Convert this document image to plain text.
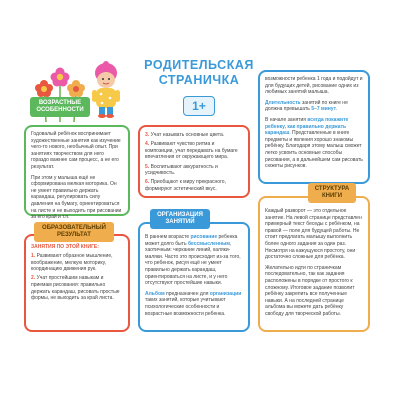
РОДИТЕЛЬСКАЯ
СТРАНИЧКА
1+
ВОЗРАСТНЫЕ ОСОБЕННОСТИ

Годовалый ребёнок воспринимает художественные занятия как изучение чего-то нового, необычный опыт. При занятиях творчеством для него гораздо важнее сам процесс, а не его результат.

При этом у малыша ещё не сформирована мелкая моторика. Он не умеет правильно держать карандаш, регулировать силу давления на бумагу, ориентироваться на листе и не выходить при рисовании за его край и т.п.

ЗАНЯТИЯ ПО ЭТОЙ КНИГЕ:
1. Развивают образное мышление, воображение, мелкую моторику, координацию движения рук.
2. Учат простейшим навыкам и приемам рисования: правильно держать карандаш, рисовать простые формы, не выходить за край листа.
ОБРАЗОВАТЕЛЬНЫЙ РЕЗУЛЬТАТ
3. Учат называть основные цвета.
4. Развивают чувство ритма и композиции, учат передавать на бумаге впечатления от окружающего мира.
5. Воспитывают аккуратность и усидчивость.
6. Приобщают к миру прекрасного, формируют эстетический вкус.

В раннем возрасте рисование ребенка может долго быть бессмысленным, хаотичным: черкание линий, каляки-маляки. Часто это происходит из-за того, что ребенок, рисуя ещё не умеет правильно держать карандаш, ориентироваться на листе, и у него отсутствуют простейшие навыки.

Альбом предназначен для организации таких занятий, которые учитывают психологические особенности и возрастные возможности ребенка.

ОРГАНИЗАЦИЯ ЗАНЯТИЙ

возможности ребенка 1 года и подойдут и для будущих детей, рисование одних из любимых занятий малыша.

Длительность занятий по книге не должна превышать 5–7 минут.

В начале занятия всегда покажите ребенку, как правильно держать карандаш. Представленные в книге предметы и явления хорошо знакомы ребёнку. Благодаря этому малыш сможет легко усвоить основные способы рисования, а в дальнейшем сам рисовать сюжеты рисунков.

Каждый разворот — это отдельное занятие. На левой странице представлен примерный текст беседы с ребёнком, на правой — поле для будущей работы. Не стоит предлагать малышу выполнить более одного задания за один раз. Несмотря на кажущуюся простоту, они достаточно сложные для ребёнка.

Желательно идти по страничкам последовательно, так как задания расположены в порядке от простого к сложному. Итоговое задание позволит ребёнку закрепить все полученные навыки. А на последней странице альбома вы можете дать ребёнку свободу для творческой работы.

СТРУКТУРА КНИГИ
